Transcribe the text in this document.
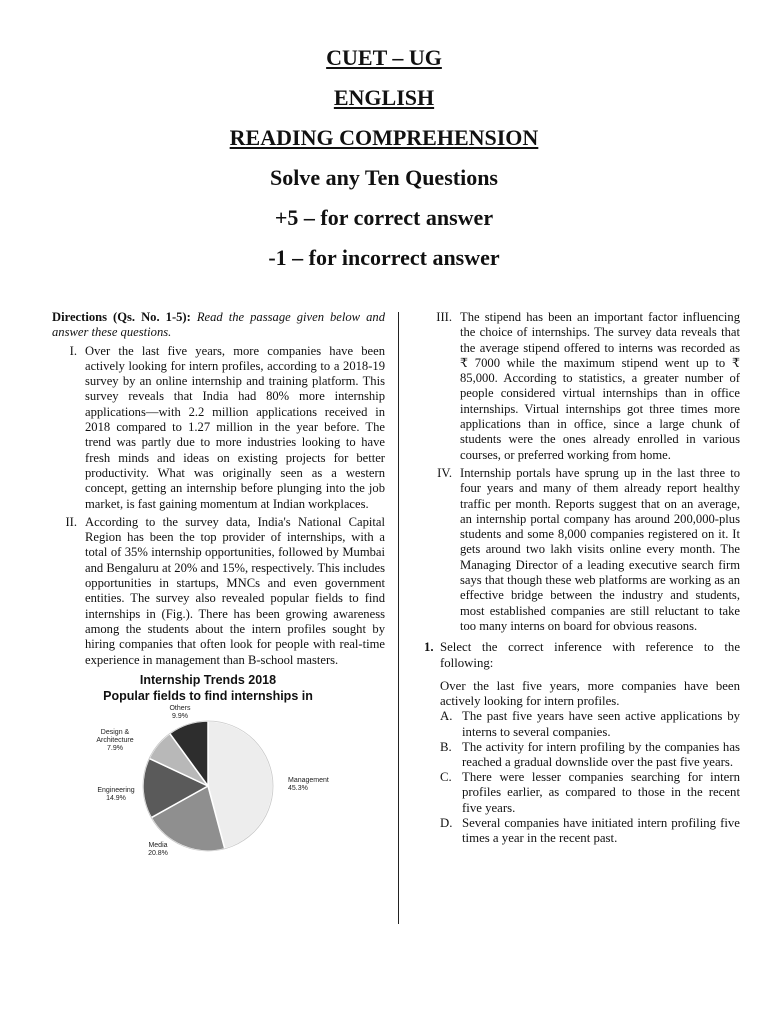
CUET – UG
ENGLISH
READING COMPREHENSION
Solve any Ten Questions
+5 – for correct answer
-1 – for incorrect answer
Directions (Qs. No. 1-5): Read the passage given below and answer these questions.
I. Over the last five years, more companies have been actively looking for intern profiles, according to a 2018-19 survey by an online internship and training platform. This survey reveals that India had 80% more internship applications—with 2.2 million applications received in 2018 compared to 1.27 million in the year before. The trend was partly due to more industries looking to have fresh minds and ideas on existing projects for better productivity. What was originally seen as a western concept, getting an internship before plunging into the job market, is fast gaining momentum at Indian workplaces.
II. According to the survey data, India's National Capital Region has been the top provider of internships, with a total of 35% internship opportunities, followed by Mumbai and Bengaluru at 20% and 15%, respectively. This includes opportunities in startups, MNCs and even government entities. The survey also revealed popular fields to find internships in (Fig.). There has been growing awareness among the students about the intern profiles sought by hiring companies that often look for people with real-time experience in management than B-school masters.
Internship Trends 2018
Popular fields to find internships in
Management
45.3%
Media
20.8%
Engineering
14.9%
Design &
Architecture
7.9%
Others
9.9%
III. The stipend has been an important factor influencing the choice of internships. The survey data reveals that the average stipend offered to interns was recorded as ₹ 7000 while the maximum stipend went up to ₹ 85,000. According to statistics, a greater number of people considered virtual internships than in office internships. Virtual internships got three times more applications than in office, since a large chunk of students were the ones already enrolled in various courses, or preferred working from home.
IV. Internship portals have sprung up in the last three to four years and many of them already report healthy traffic per month. Reports suggest that on an average, an internship portal company has around 200,000-plus students and some 8,000 companies registered on it. It gets around two lakh visits online every month. The Managing Director of a leading executive search firm says that though these web platforms are working as an effective bridge between the industry and students, most established companies are still reluctant to take too many interns on board for obvious reasons.
1. Select the correct inference with reference to the following:
Over the last five years, more companies have been actively looking for intern profiles.
A. The past five years have seen active applications by interns to several companies.
B. The activity for intern profiling by the companies has reached a gradual downslide over the past five years.
C. There were lesser companies searching for intern profiles earlier, as compared to those in the recent five years.
D. Several companies have initiated intern profiling five times a year in the recent past.
